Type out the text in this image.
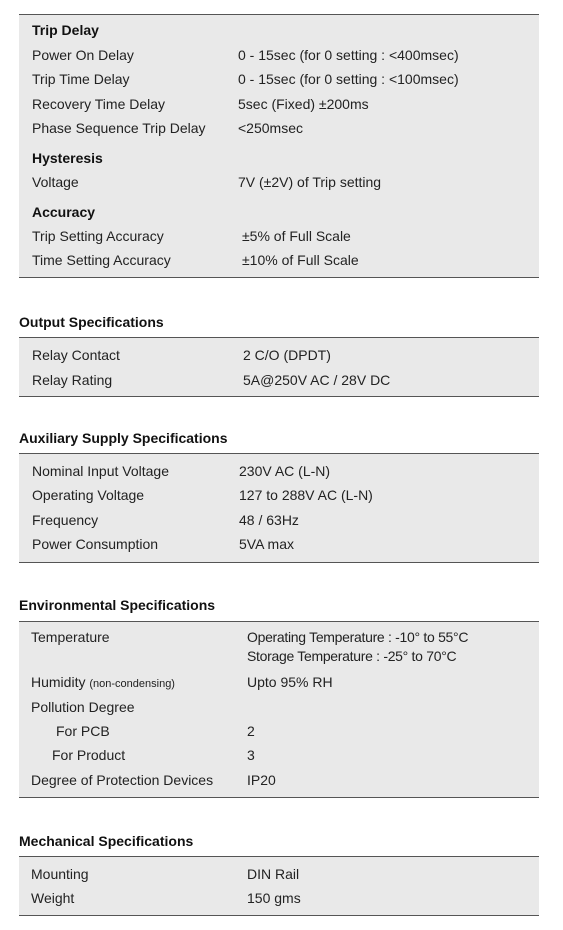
Trip Delay
Power On Delay	0 - 15sec (for 0 setting : <400msec)
Trip Time Delay	0 - 15sec (for 0 setting : <100msec)
Recovery Time Delay	5sec (Fixed) ±200ms
Phase Sequence Trip Delay <250msec
Hysteresis
Voltage	7V (±2V) of Trip setting
Accuracy
Trip Setting Accuracy	±5% of Full Scale
Time Setting Accuracy	±10% of Full Scale
Output Specifications
Relay Contact	2 C/O (DPDT)
Relay Rating	5A@250V AC / 28V DC
Auxiliary Supply Specifications
Nominal Input Voltage	230V AC (L-N)
Operating Voltage	127 to 288V AC (L-N)
Frequency	48 / 63Hz
Power Consumption	5VA max
Environmental Specifications
Temperature	Operating Temperature : -10° to 55°C
Storage Temperature : -25° to 70°C
Humidity (non-condensing)	Upto 95% RH
Pollution Degree
For PCB	2
For Product	3
Degree of Protection Devices IP20
Mechanical Specifications
Mounting	DIN Rail
Weight	150 gms
